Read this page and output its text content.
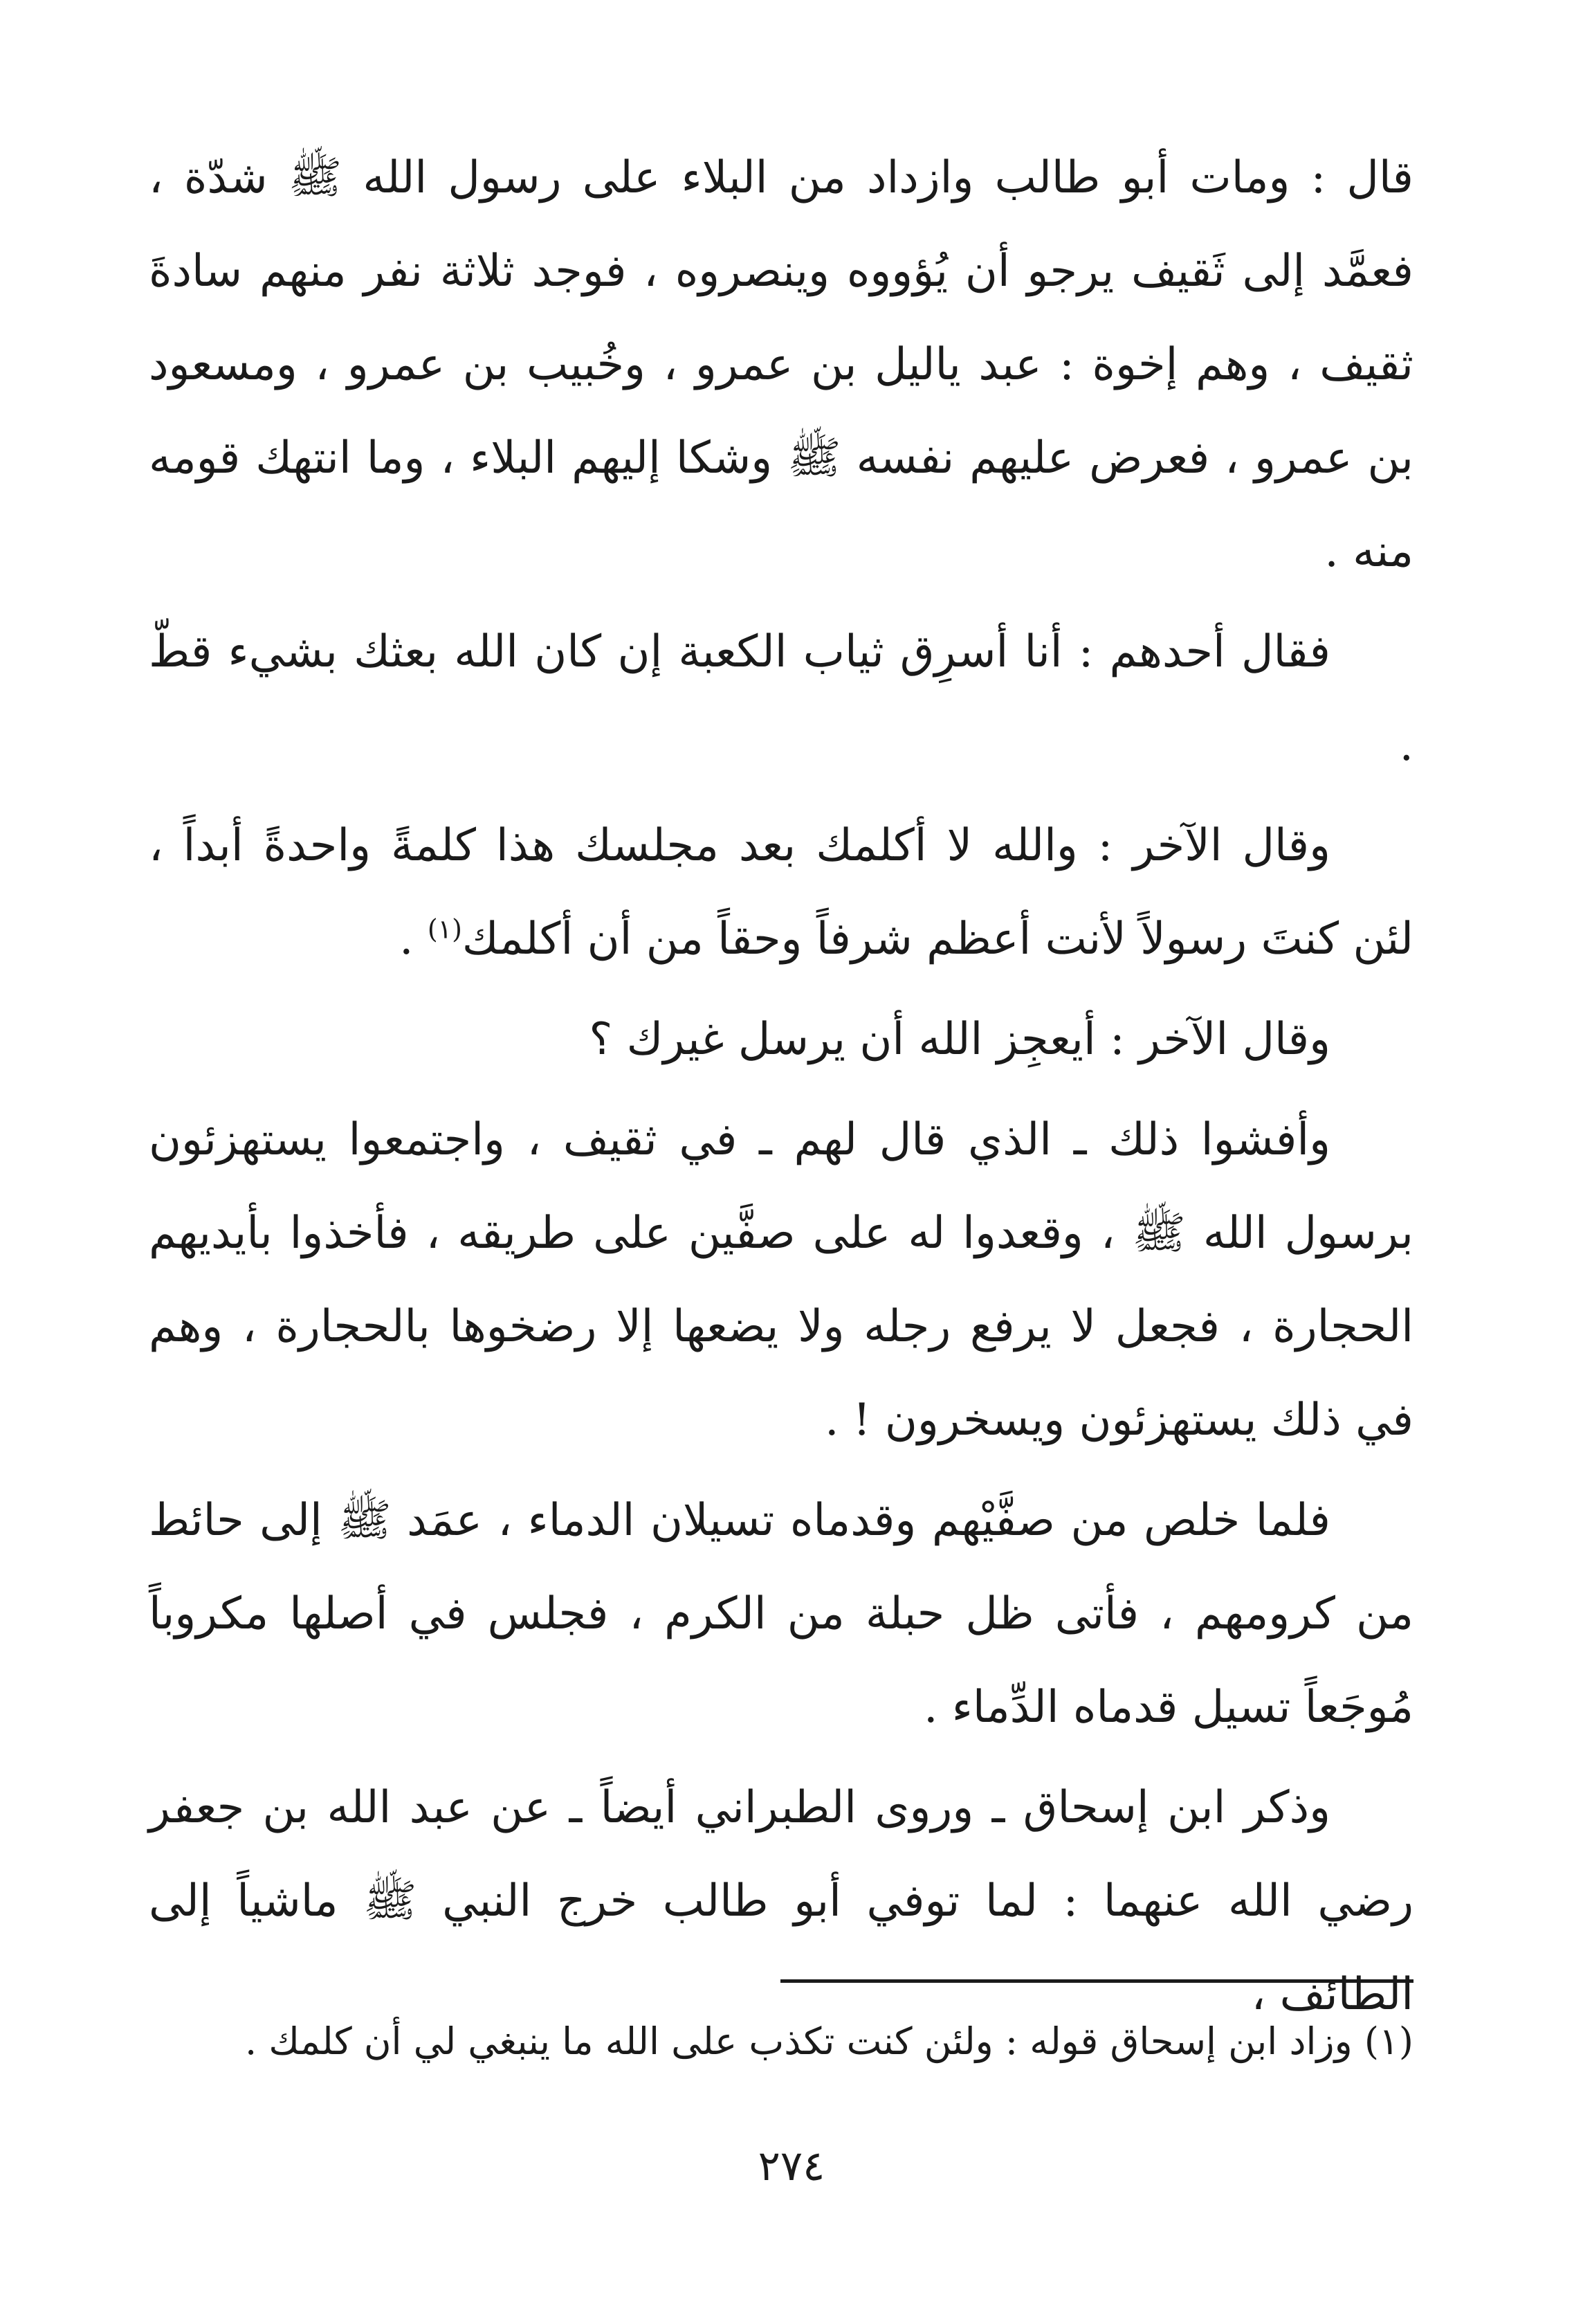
قال : ومات أبو طالب وازداد من البلاء على رسول الله ﷺ شدّة ، فعمَّد إلى ثَقيف يرجو أن يُؤووه وينصروه ، فوجد ثلاثة نفر منهم سادةَ ثقيف ، وهم إخوة : عبد ياليل بن عمرو ، وخُبيب بن عمرو ، ومسعود بن عمرو ، فعرض عليهم نفسه ﷺ وشكا إليهم البلاء ، وما انتهك قومه منه .

فقال أحدهم : أنا أسرِق ثياب الكعبة إن كان الله بعثك بشيء قطّ .

وقال الآخر : والله لا أكلمك بعد مجلسك هذا كلمةً واحدةً أبداً ، لئن كنتَ رسولاً لأنت أعظم شرفاً وحقاً من أن أكلمك$^{(١)}$ .

وقال الآخر : أيعجِز الله أن يرسل غيرك ؟

وأفشوا ذلك ـ الذي قال لهم ـ في ثقيف ، واجتمعوا يستهزئون برسول الله ﷺ ، وقعدوا له على صفَّين على طريقه ، فأخذوا بأيديهم الحجارة ، فجعل لا يرفع رجله ولا يضعها إلا رضخوها بالحجارة ، وهم في ذلك يستهزئون ويسخرون ! .

فلما خلص من صفَّيْهم وقدماه تسيلان الدماء ، عمَد ﷺ إلى حائط من كرومهم ، فأتى ظل حبلة من الكرم ، فجلس في أصلها مكروباً مُوجَعاً تسيل قدماه الدِّماء .

وذكر ابن إسحاق ـ وروى الطبراني أيضاً ـ عن عبد الله بن جعفر رضي الله عنهما : لما توفي أبو طالب خرج النبي ﷺ ماشياً إلى الطائف ،

(١) وزاد ابن إسحاق قوله : ولئن كنت تكذب على الله ما ينبغي لي أن كلمك .
٢٧٤
